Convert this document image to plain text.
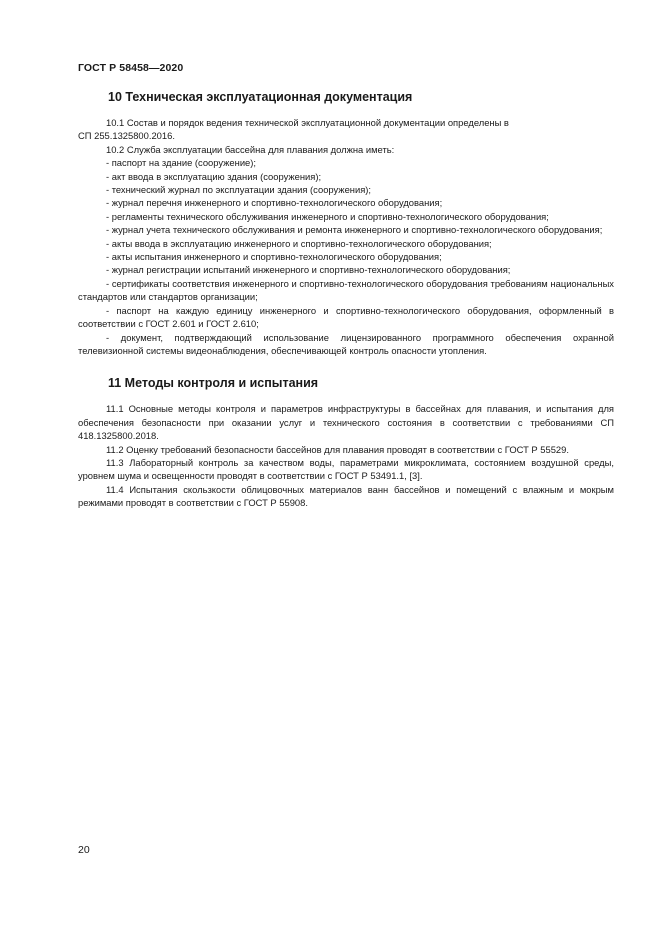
ГОСТ Р 58458—2020
10 Техническая эксплуатационная документация

10.1 Состав и порядок ведения технической эксплуатационной документации определены в

СП 255.1325800.2016.

10.2 Служба эксплуатации бассейна для плавания должна иметь:

- паспорт на здание (сооружение);

- акт ввода в эксплуатацию здания (сооружения);

- технический журнал по эксплуатации здания (сооружения);

- журнал перечня инженерного и спортивно-технологического оборудования;

- регламенты технического обслуживания инженерного и спортивно-технологического оборудования;

- журнал учета технического обслуживания и ремонта инженерного и спортивно-технологического оборудования;

- акты ввода в эксплуатацию инженерного и спортивно-технологического оборудования;

- акты испытания инженерного и спортивно-технологического оборудования;

- журнал регистрации испытаний инженерного и спортивно-технологического оборудования;

- сертификаты соответствия инженерного и спортивно-технологического оборудования требованиям национальных стандартов или стандартов организации;

- паспорт на каждую единицу инженерного и спортивно-технологического оборудования, оформленный в соответствии с ГОСТ 2.601 и ГОСТ 2.610;

- документ, подтверждающий использование лицензированного программного обеспечения охранной телевизионной системы видеонаблюдения, обеспечивающей контроль опасности утопления.

11 Методы контроля и испытания

11.1 Основные методы контроля и параметров инфраструктуры в бассейнах для плавания, и испытания для обеспечения безопасности при оказании услуг и технического состояния в соответствии с требованиями СП 418.1325800.2018.

11.2 Оценку требований безопасности бассейнов для плавания проводят в соответствии с ГОСТ Р 55529.

11.3 Лабораторный контроль за качеством воды, параметрами микроклимата, состоянием воздушной среды, уровнем шума и освещенности проводят в соответствии с ГОСТ Р 53491.1, [3].

11.4 Испытания скользкости облицовочных материалов ванн бассейнов и помещений с влажным и мокрым режимами проводят в соответствии с ГОСТ Р 55908.

20
